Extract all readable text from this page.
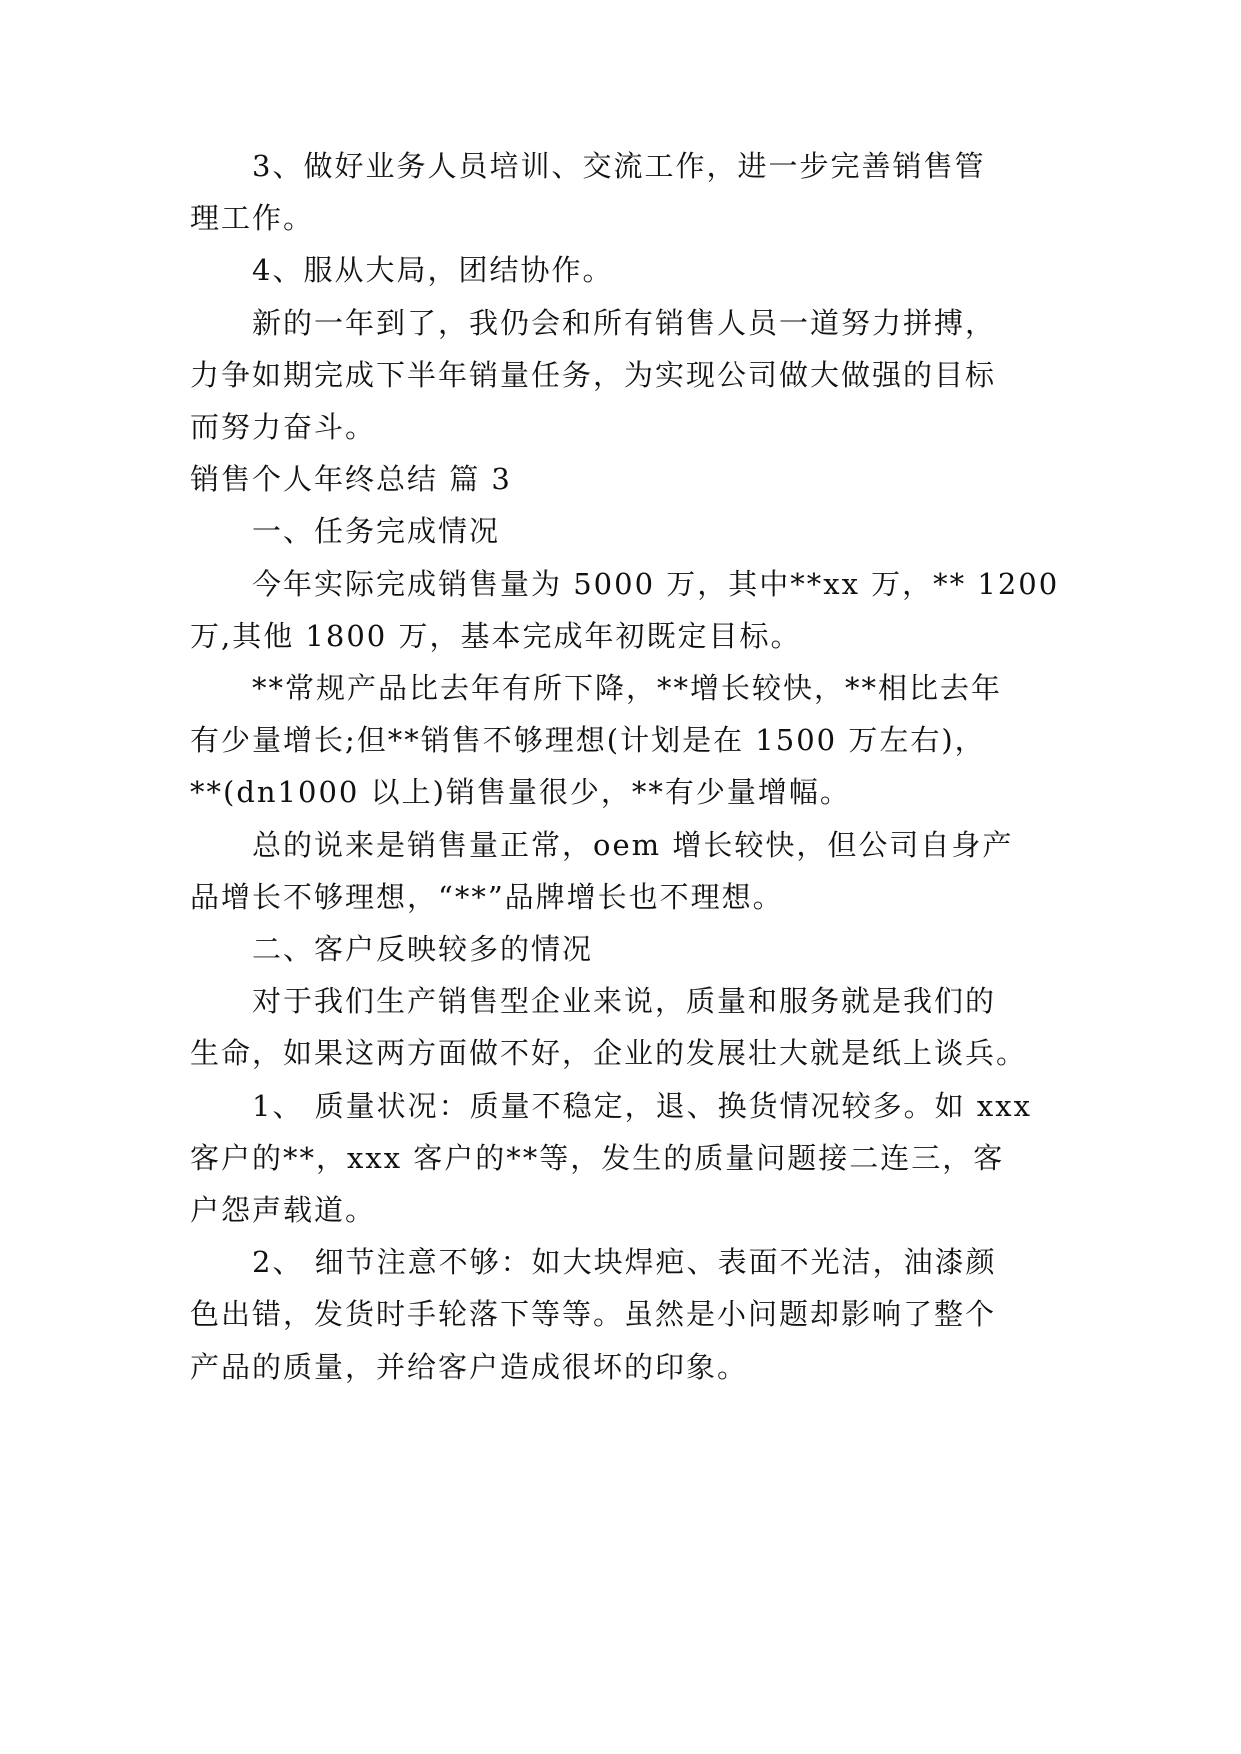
3、做好业务人员培训、交流工作，进一步完善销售管
理工作。
4、服从大局，团结协作。
新的一年到了，我仍会和所有销售人员一道努力拼搏，
力争如期完成下半年销量任务，为实现公司做大做强的目标
而努力奋斗。
销售个人年终总结 篇 3
一、任务完成情况
今年实际完成销售量为 5000 万，其中**xx 万，** 1200
万,其他 1800 万，基本完成年初既定目标。
**常规产品比去年有所下降，**增长较快，**相比去年
有少量增长;但**销售不够理想(计划是在 1500 万左右)，
**(dn1000 以上)销售量很少，**有少量增幅。
总的说来是销售量正常，oem 增长较快，但公司自身产
品增长不够理想，“**”品牌增长也不理想。
二、客户反映较多的情况
对于我们生产销售型企业来说，质量和服务就是我们的
生命，如果这两方面做不好，企业的发展壮大就是纸上谈兵。
1、 质量状况：质量不稳定，退、换货情况较多。如 xxx
客户的**，xxx 客户的**等，发生的质量问题接二连三，客
户怨声载道。
2、 细节注意不够：如大块焊疤、表面不光洁，油漆颜
色出错，发货时手轮落下等等。虽然是小问题却影响了整个
产品的质量，并给客户造成很坏的印象。
